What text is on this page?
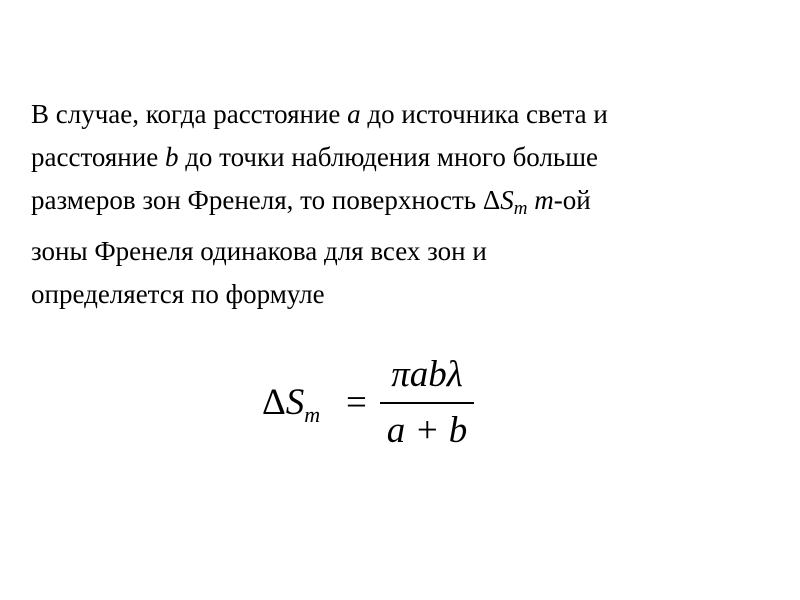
В случае, когда расстояние a до источника света и
расстояние b до точки наблюдения много больше
размеров зон Френеля, то поверхность $\Delta S_m$ m-ой
зоны Френеля одинакова для всех зон и
определяется по формуле
$\Delta S_m$ =
πabλ
a + b
